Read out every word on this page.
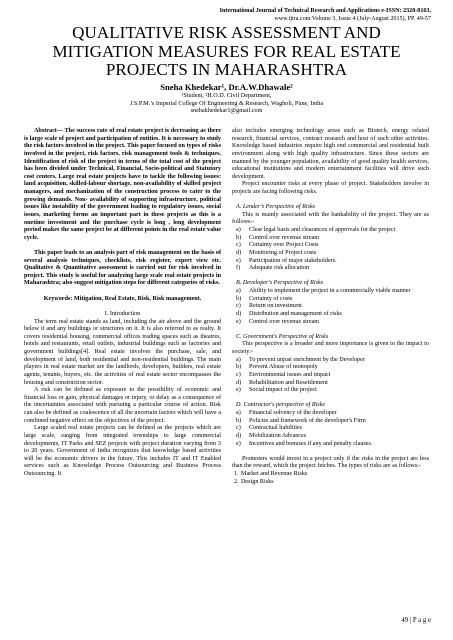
International Journal of Technical Research and Applications e-ISSN: 2320-8163,
www.ijtra.com Volume 3, Issue 4 (July-August 2015), PP. 49-57
QUALITATIVE RISK ASSESSMENT AND
MITIGATION MEASURES FOR REAL ESTATE
PROJECTS IN MAHARASHTRA
Sneha Khedekar¹, Dr.A.W.Dhawale²
¹Student, ²H.O.D. Civil Department,
J.S.P.M.’s Imperial College Of Engineering & Research, Wagholi, Pune, India
snehakhedekar1@gmail.com

Abstract— The success rate of real estate project is decreasing as there is large scale of project and participation of entities. It is necessary to study the risk factors involved in the project. This paper focused on types of risks involved in the project, risk factors, risk management tools & techniques. Identification of risk of the project in terms of the total cost of the project has been divided under Technical, Financial, Socio-political and Statutory cost centers. Large real estate projects have to tackle the following issues: land acquisition, skilled-labour shortage, non-availability of skilled project managers, and mechanization of the construction process to cater to the growing demands. Non- availability of supporting infrastructure, political issues like instability of the government leading to regulatory issues, social issues, marketing forms an important part in these projects as this is a onetime investment and the purchase cycle is long , long development period makes the same project be at different points in the real estate value cycle.

This paper leads to an analysis part of risk management on the basis of several analysis techniques, checklists, risk register, expert view etc. Qualitative & Quantitative assessment is carried out for risk involved in project. This study is useful for analyzing large scale real estate projects in Maharashtra; also suggest mitigation steps for different categories of risks.

Keywords: Mitigation, Real Estate, Risk, Risk management.

I. Introduction

The term real estate stands as land, including the air above and the ground below it and any buildings or structures on it. It is also referred to as realty. It covers residential housing, commercial offices trading spaces such as theatres, hotels and restaurants, retail outlets, industrial buildings such as factories and government buildings[4]. Real estate involves the purchase, sale, and development of land, both residential and non-residential buildings. The main players in real estate market are the landlords, developers, builders, real estate agents, tenants, buyers, etc. the activities of real estate sector encompasses the housing and construction sector.

A risk can be defined as exposure to the possibility of economic and financial loss or gain, physical damages or injury, or delay as a consequence of the uncertainties associated with pursuing a particular course of action. Risk can also be defined as coalescence of all the uncertain factors which will have a combined negative effect on the objectives of the project.

Large scaled real estate projects can be defined as the projects which are large scale, ranging from integrated townships to large commercial developments, IT Parks and SEZ projects with project duration varying from 3 to 20 years. Government of India recognizes that knowledge based activities will be the economic drivers in the future. This includes IT and IT Enabled services such as Knowledge Process Outsourcing and Business Process Outsourcing. It

also includes emerging technology areas such as Biotech, energy related research, financial services, contract research and host of such other activities. Knowledge based industries require high end commercial and residential built environment along with high quality infrastructure. Since these sectors are manned by the younger population, availability of good quality health services, educational institutions and modern entertainment facilities will drive such development.

Project encounter risks at every phase of project. Stakeholders involve in projects are facing following risks.

A. Lender’s Perspective of Risks

This is mainly associated with the bankability of the project. They are as follows:-

a) Clear legal basis and clearances of approvals for the project
b) Control over revenue stream
c) Certainty over Project Costs
d) Monitoring of Project costs
e) Participation of major stakeholders.
f) Adequate risk allocation

B. Developer's Perspective of Risks

a) Ability to implement the project in a commercially viable manner
b) Certainty of costs
c) Return on investment
d) Distribution and management of risks
e) Control over revenue stream

C. Government's Perspective of Risks

This perspective is a broader and more importance is given to the impact to society:-

a) To prevent unjust enrichment by the Developer
b) Prevent Abuse of monopoly
c) Environmental issues and impact
d) Rehabilitation and Resettlement
e) Social impact of the project

D. Contractor's perspective of Risks

a) Financial solvency of the developer
b) Policies and framework of the developer's Firm
c) Contractual liabilities
d) Mobilization Advances
e) Incentives and bonuses if any and penalty clauses.

Promoters would invest in a project only if the risks in the project are less than the reward, which the project fetches. The types of risks are as follows:-

1. Market and Revenue Risks
2. Design Risks
49 | P a g e
